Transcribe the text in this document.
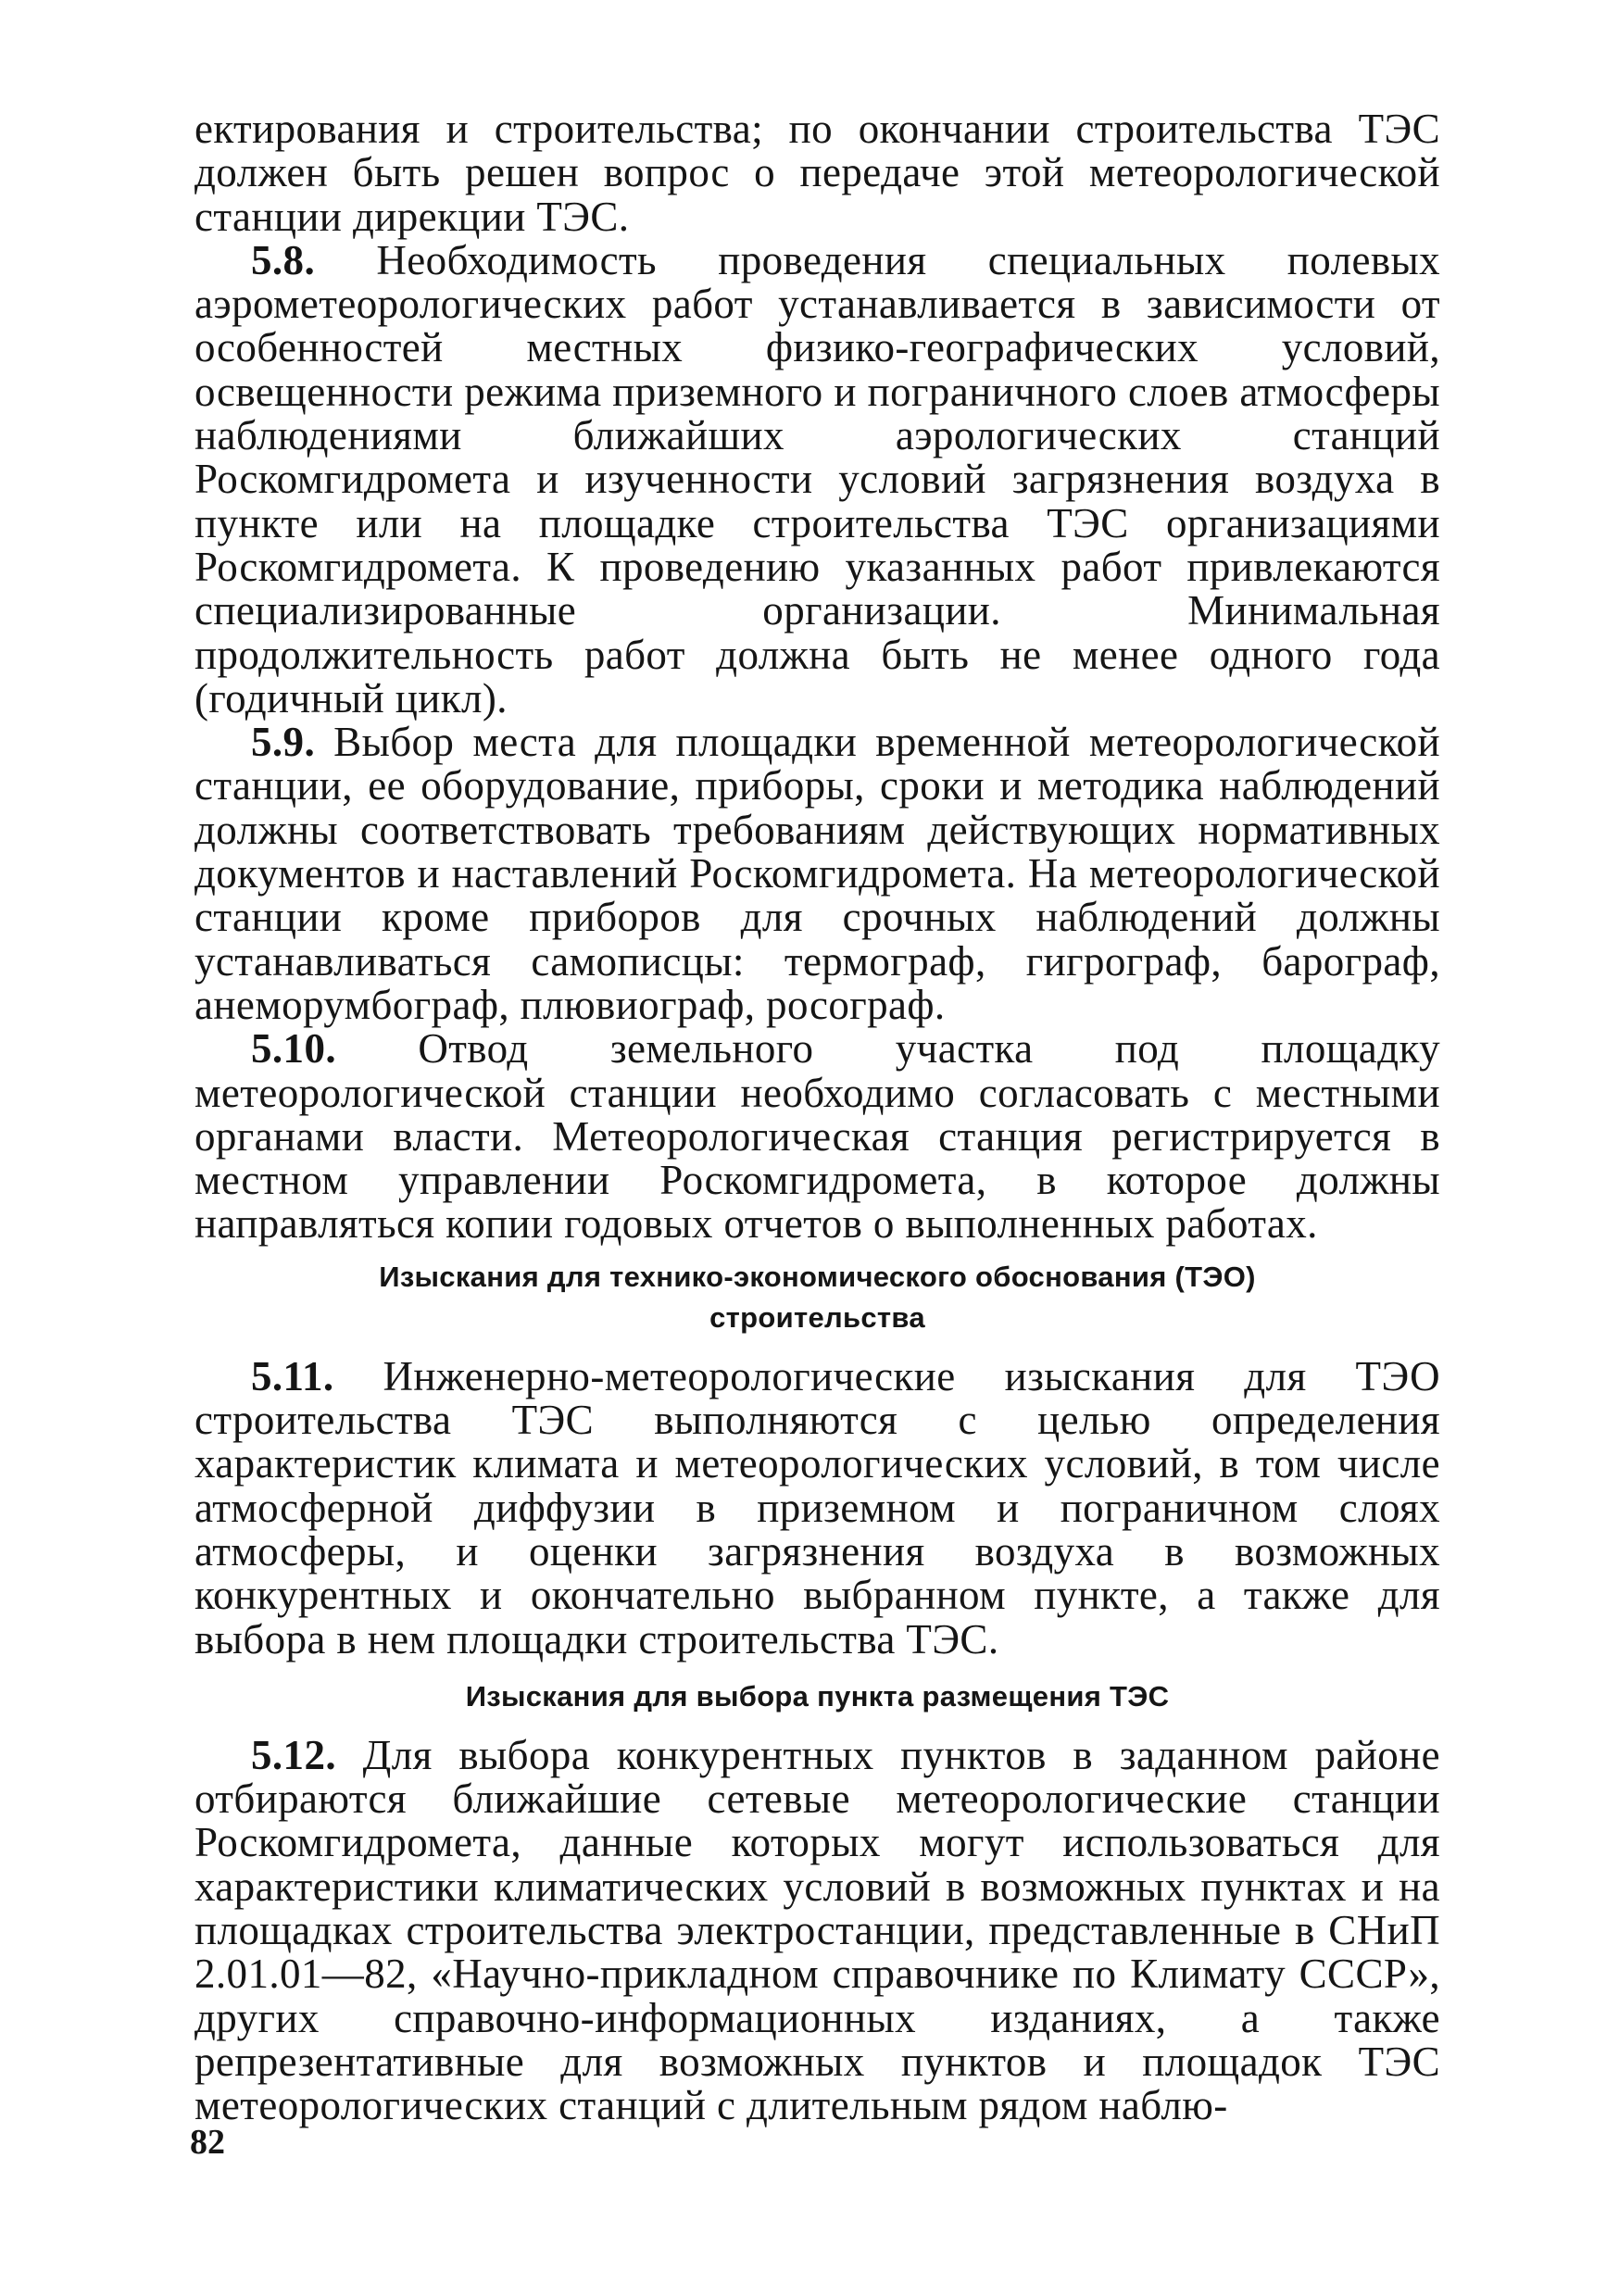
ектирования и строительства; по окончании строительства ТЭС должен быть решен вопрос о передаче этой метеорологической станции дирекции ТЭС.

5.8. Необходимость проведения специальных полевых аэрометеорологических работ устанавливается в зависимости от особенностей местных физико-географических условий, освещенности режима приземного и пограничного слоев атмосферы наблюдениями ближайших аэрологических станций Роскомгидромета и изученности условий загрязнения воздуха в пункте или на площадке строительства ТЭС организациями Роскомгидромета. К проведению указанных работ привлекаются специализированные организации. Минимальная продолжительность работ должна быть не менее одного года (годичный цикл).

5.9. Выбор места для площадки временной метеорологической станции, ее оборудование, приборы, сроки и методика наблюдений должны соответствовать требованиям действующих нормативных документов и наставлений Роскомгидромета. На метеорологической станции кроме приборов для срочных наблюдений должны устанавливаться самописцы: термограф, гигрограф, барограф, анеморумбограф, плювиограф, росограф.

5.10. Отвод земельного участка под площадку метеорологической станции необходимо согласовать с местными органами власти. Метеорологическая станция регистрируется в местном управлении Роскомгидромета, в которое должны направляться копии годовых отчетов о выполненных работах.

Изыскания для технико-экономического обоснования (ТЭО)

строительства

5.11. Инженерно-метеорологические изыскания для ТЭО строительства ТЭС выполняются с целью определения характеристик климата и метеорологических условий, в том числе атмосферной диффузии в приземном и пограничном слоях атмосферы, и оценки загрязнения воздуха в возможных конкурентных и окончательно выбранном пункте, а также для выбора в нем площадки строительства ТЭС.

Изыскания для выбора пункта размещения ТЭС

5.12. Для выбора конкурентных пунктов в заданном районе отбираются ближайшие сетевые метеорологические станции Роскомгидромета, данные которых могут использоваться для характеристики климатических условий в возможных пунктах и на площадках строительства электростанции, представленные в СНиП 2.01.01—82, «Научно-прикладном справочнике по Климату СССР», других справочно-информационных изданиях, а также репрезентативные для возможных пунктов и площадок ТЭС метеорологических станций с длительным рядом наблю-

82
